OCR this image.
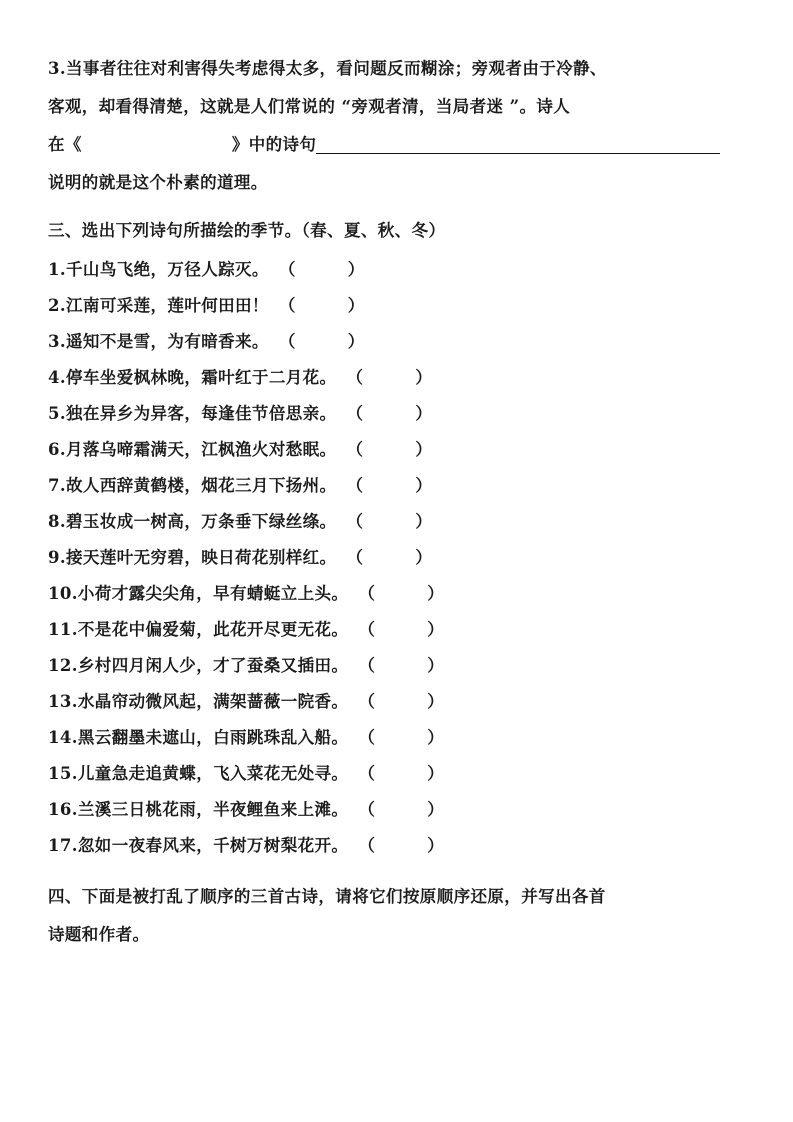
3.当事者往往对利害得失考虑得太多，看问题反而糊涂；旁观者由于冷静、
客观，却看得清楚，这就是人们常说的 “旁观者清，当局者迷 ”。诗人
在《	》中的诗句
说明的就是这个朴素的道理。
三、选出下列诗句所描绘的季节。（春、夏、秋、冬）
1.千山鸟飞绝，万径人踪灭。 （	）
2.江南可采莲，莲叶何田田！ （	）
3.遥知不是雪，为有暗香来。 （	）
4.停车坐爱枫林晚，霜叶红于二月花。 （	）
5.独在异乡为异客，每逢佳节倍思亲。 （	）
6.月落乌啼霜满天，江枫渔火对愁眠。 （	）
7.故人西辞黄鹤楼，烟花三月下扬州。 （	）
8.碧玉妆成一树高，万条垂下绿丝绦。 （	）
9.接天莲叶无穷碧，映日荷花别样红。 （	）
10.小荷才露尖尖角，早有蜻蜓立上头。 （	）
11.不是花中偏爱菊，此花开尽更无花。 （	）
12.乡村四月闲人少，才了蚕桑又插田。 （	）
13.水晶帘动微风起，满架蔷薇一院香。 （	）
14.黑云翻墨未遮山，白雨跳珠乱入船。 （	）
15.儿童急走追黄蝶，飞入菜花无处寻。 （	）
16.兰溪三日桃花雨，半夜鲤鱼来上滩。 （	）
17.忽如一夜春风来，千树万树梨花开。 （	）
四、下面是被打乱了顺序的三首古诗，请将它们按原顺序还原，并写出各首
诗题和作者。
